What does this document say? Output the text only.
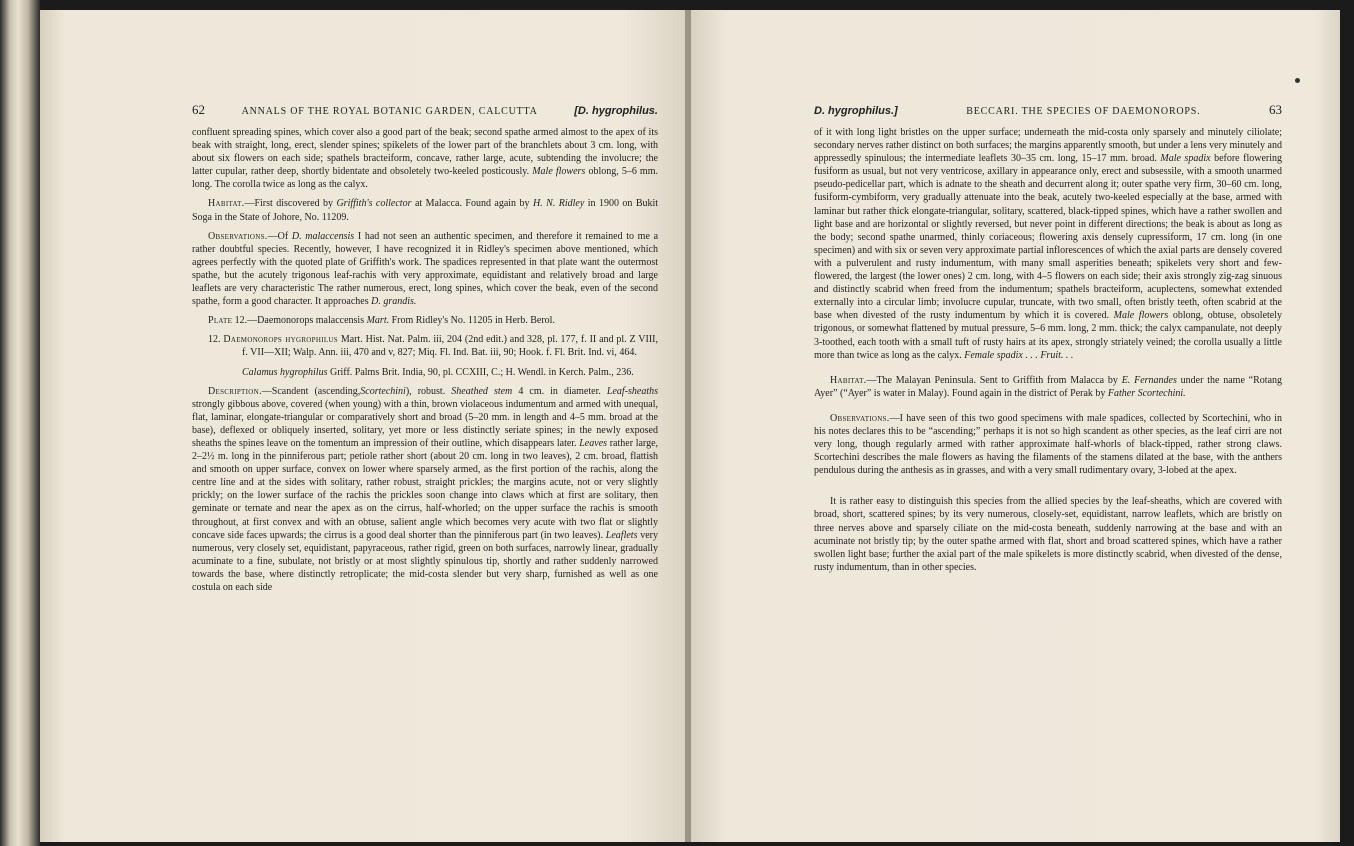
62	ANNALS OF THE ROYAL BOTANIC GARDEN, CALCUTTA	[D. hygrophilus.

confluent spreading spines, which cover also a good part of the beak; second spathe armed almost to the apex of its beak with straight, long, erect, slender spines; spikelets of the lower part of the branchlets about 3 cm. long, with about six flowers on each side; spathels bracteiform, concave, rather large, acute, subtending the involucre; the latter cupular, rather deep, shortly bidentate and obsoletely two-keeled posticously. Male flowers oblong, 5–6 mm. long. The corolla twice as long as the calyx.

Habitat.—First discovered by Griffith's collector at Malacca. Found again by H. N. Ridley in 1900 on Bukit Soga in the State of Johore, No. 11209.

Observations.—Of D. malaccensis I had not seen an authentic specimen, and therefore it remained to me a rather doubtful species. Recently, however, I have recognized it in Ridley's specimen above mentioned, which agrees perfectly with the quoted plate of Griffith's work. The spadices represented in that plate want the outermost spathe, but the acutely trigonous leaf-rachis with very approximate, equidistant and relatively broad and large leaflets are very characteristic The rather numerous, erect, long spines, which cover the beak, even of the second spathe, form a good character. It approaches D. grandis.

Plate 12.—Daemonorops malaccensis Mart. From Ridley's No. 11205 in Herb. Berol.

12. Daemonorops hygrophilus Mart. Hist. Nat. Palm. iii, 204 (2nd edit.) and 328, pl. 177, f. II and pl. Z VIII, f. VII—XII; Walp. Ann. iii, 470 and v, 827; Miq. Fl. Ind. Bat. iii, 90; Hook. f. Fl. Brit. Ind. vi, 464.

Calamus hygrophilus Griff. Palms Brit. India, 90, pl. CCXIII, C.; H. Wendl. in Kerch. Palm., 236.

Description.—Scandent (ascending,Scortechini), robust. Sheathed stem 4 cm. in diameter. Leaf-sheaths strongly gibbous above, covered (when young) with a thin, brown violaceous indumentum and armed with unequal, flat, laminar, elongate-triangular or comparatively short and broad (5–20 mm. in length and 4–5 mm. broad at the base), deflexed or obliquely inserted, solitary, yet more or less distinctly seriate spines; in the newly exposed sheaths the spines leave on the tomentum an impression of their outline, which disappears later. Leaves rather large, 2–2½ m. long in the pinniferous part; petiole rather short (about 20 cm. long in two leaves), 2 cm. broad, flattish and smooth on upper surface, convex on lower where sparsely armed, as the first portion of the rachis, along the centre line and at the sides with solitary, rather robust, straight prickles; the margins acute, not or very slightly prickly; on the lower surface of the rachis the prickles soon change into claws which at first are solitary, then geminate or ternate and near the apex as on the cirrus, half-whorled; on the upper surface the rachis is smooth throughout, at first convex and with an obtuse, salient angle which becomes very acute with two flat or slightly concave side faces upwards; the cirrus is a good deal shorter than the pinniferous part (in two leaves). Leaflets very numerous, very closely set, equidistant, papyraceous, rather rigid, green on both surfaces, narrowly linear, gradually acuminate to a fine, subulate, not bristly or at most slightly spinulous tip, shortly and rather suddenly narrowed towards the base, where distinctly retroplicate; the mid-costa slender but very sharp, furnished as well as one costula on each side

D. hygrophilus.]	BECCARI. THE SPECIES OF DAEMONOROPS.	63

of it with long light bristles on the upper surface; underneath the mid-costa only sparsely and minutely ciliolate; secondary nerves rather distinct on both surfaces; the margins apparently smooth, but under a lens very minutely and appressedly spinulous; the intermediate leaflets 30–35 cm. long, 15–17 mm. broad. Male spadix before flowering fusiform as usual, but not very ventricose, axillary in appearance only, erect and subsessile, with a smooth unarmed pseudo-pedicellar part, which is adnate to the sheath and decurrent along it; outer spathe very firm, 30–60 cm. long, fusiform-cymbiform, very gradually attenuate into the beak, acutely two-keeled especially at the base, armed with laminar but rather thick elongate-triangular, solitary, scattered, black-tipped spines, which have a rather swollen and light base and are horizontal or slightly reversed, but never point in different directions; the beak is about as long as the body; second spathe unarmed, thinly coriaceous; flowering axis densely cupressiform, 17 cm. long (in one specimen) and with six or seven very approximate partial inflorescences of which the axial parts are densely covered with a pulverulent and rusty indumentum, with many small asperities beneath; spikelets very short and few-flowered, the largest (the lower ones) 2 cm. long, with 4–5 flowers on each side; their axis strongly zig-zag sinuous and distinctly scabrid when freed from the indumentum; spathels bracteiform, acuplectens, somewhat extended externally into a circular limb; involucre cupular, truncate, with two small, often bristly teeth, often scabrid at the base when divested of the rusty indumentum by which it is covered. Male flowers oblong, obtuse, obsoletely trigonous, or somewhat flattened by mutual pressure, 5–6 mm. long, 2 mm. thick; the calyx campanulate, not deeply 3-toothed, each tooth with a small tuft of rusty hairs at its apex, strongly striately veined; the corolla usually a little more than twice as long as the calyx. Female spadix . . . Fruit. . .

Habitat.—The Malayan Peninsula. Sent to Griffith from Malacca by E. Fernandes under the name “Rotang Ayer” (“Ayer” is water in Malay). Found again in the district of Perak by Father Scortechini.

Observations.—I have seen of this two good specimens with male spadices, collected by Scortechini, who in his notes declares this to be “ascending;” perhaps it is not so high scandent as other species, as the leaf cirri are not very long, though regularly armed with rather approximate half-whorls of black-tipped, rather strong claws. Scortechini describes the male flowers as having the filaments of the stamens dilated at the base, with the anthers pendulous during the anthesis as in grasses, and with a very small rudimentary ovary, 3-lobed at the apex.

It is rather easy to distinguish this species from the allied species by the leaf-sheaths, which are covered with broad, short, scattered spines; by its very numerous, closely-set, equidistant, narrow leaflets, which are bristly on three nerves above and sparsely ciliate on the mid-costa beneath, suddenly narrowing at the base and with an acuminate not bristly tip; by the outer spathe armed with flat, short and broad scattered spines, which have a rather swollen light base; further the axial part of the male spikelets is more distinctly scabrid, when divested of the dense, rusty indumentum, than in other species.
